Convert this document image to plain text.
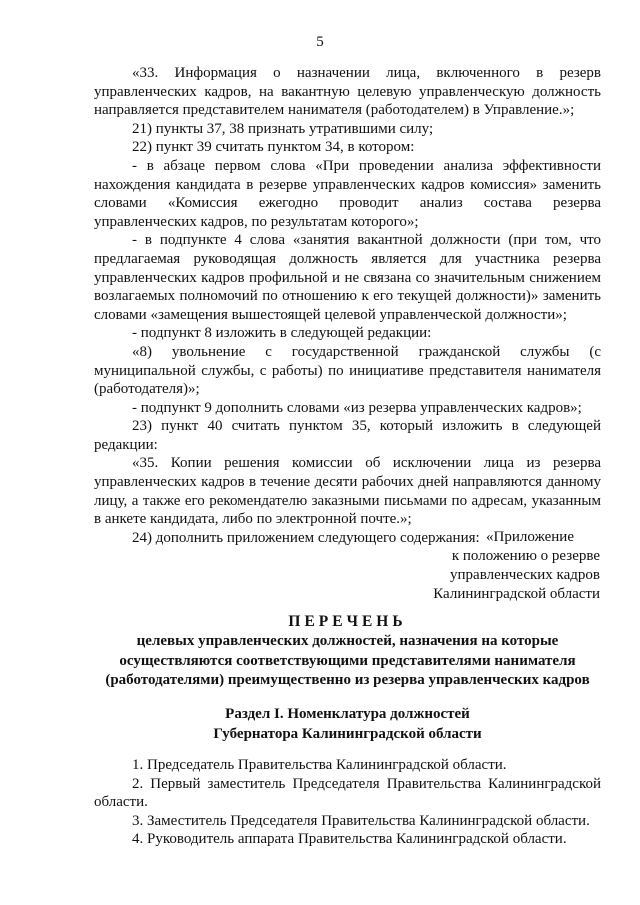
5

«33. Информация о назначении лица, включенного в резерв управленческих кадров, на вакантную целевую управленческую должность направляется представителем нанимателя (работодателем) в Управление.»;

21) пункты 37, 38 признать утратившими силу;

22) пункт 39 считать пунктом 34, в котором:

- в абзаце первом слова «При проведении анализа эффективности нахождения кандидата в резерве управленческих кадров комиссия» заменить словами «Комиссия ежегодно проводит анализ состава резерва управленческих кадров, по результатам которого»;

- в подпункте 4 слова «занятия вакантной должности (при том, что предлагаемая руководящая должность является для участника резерва управленческих кадров профильной и не связана со значительным снижением возлагаемых полномочий по отношению к его текущей должности)» заменить словами «замещения вышестоящей целевой управленческой должности»;

- подпункт 8 изложить в следующей редакции:

«8) увольнение с государственной гражданской службы (с муниципальной службы, с работы) по инициативе представителя нанимателя (работодателя)»;

- подпункт 9 дополнить словами «из резерва управленческих кадров»;

23) пункт 40 считать пунктом 35, который изложить в следующей редакции:

«35. Копии решения комиссии об исключении лица из резерва управленческих кадров в течение десяти рабочих дней направляются данному лицу, а также его рекомендателю заказными письмами по адресам, указанным в анкете кандидата, либо по электронной почте.»;

24) дополнить приложением следующего содержания: «Приложение
к положению о резерве
управленческих кадров
Калининградской области
ПЕРЕЧЕНЬ
целевых управленческих должностей, назначения на которые
осуществляются соответствующими представителями нанимателя
(работодателями) преимущественно из резерва управленческих кадров
Раздел I. Номенклатура должностей
Губернатора Калининградской области

1. Председатель Правительства Калининградской области.

2. Первый заместитель Председателя Правительства Калининградской области.

3. Заместитель Председателя Правительства Калининградской области.

4. Руководитель аппарата Правительства Калининградской области.
